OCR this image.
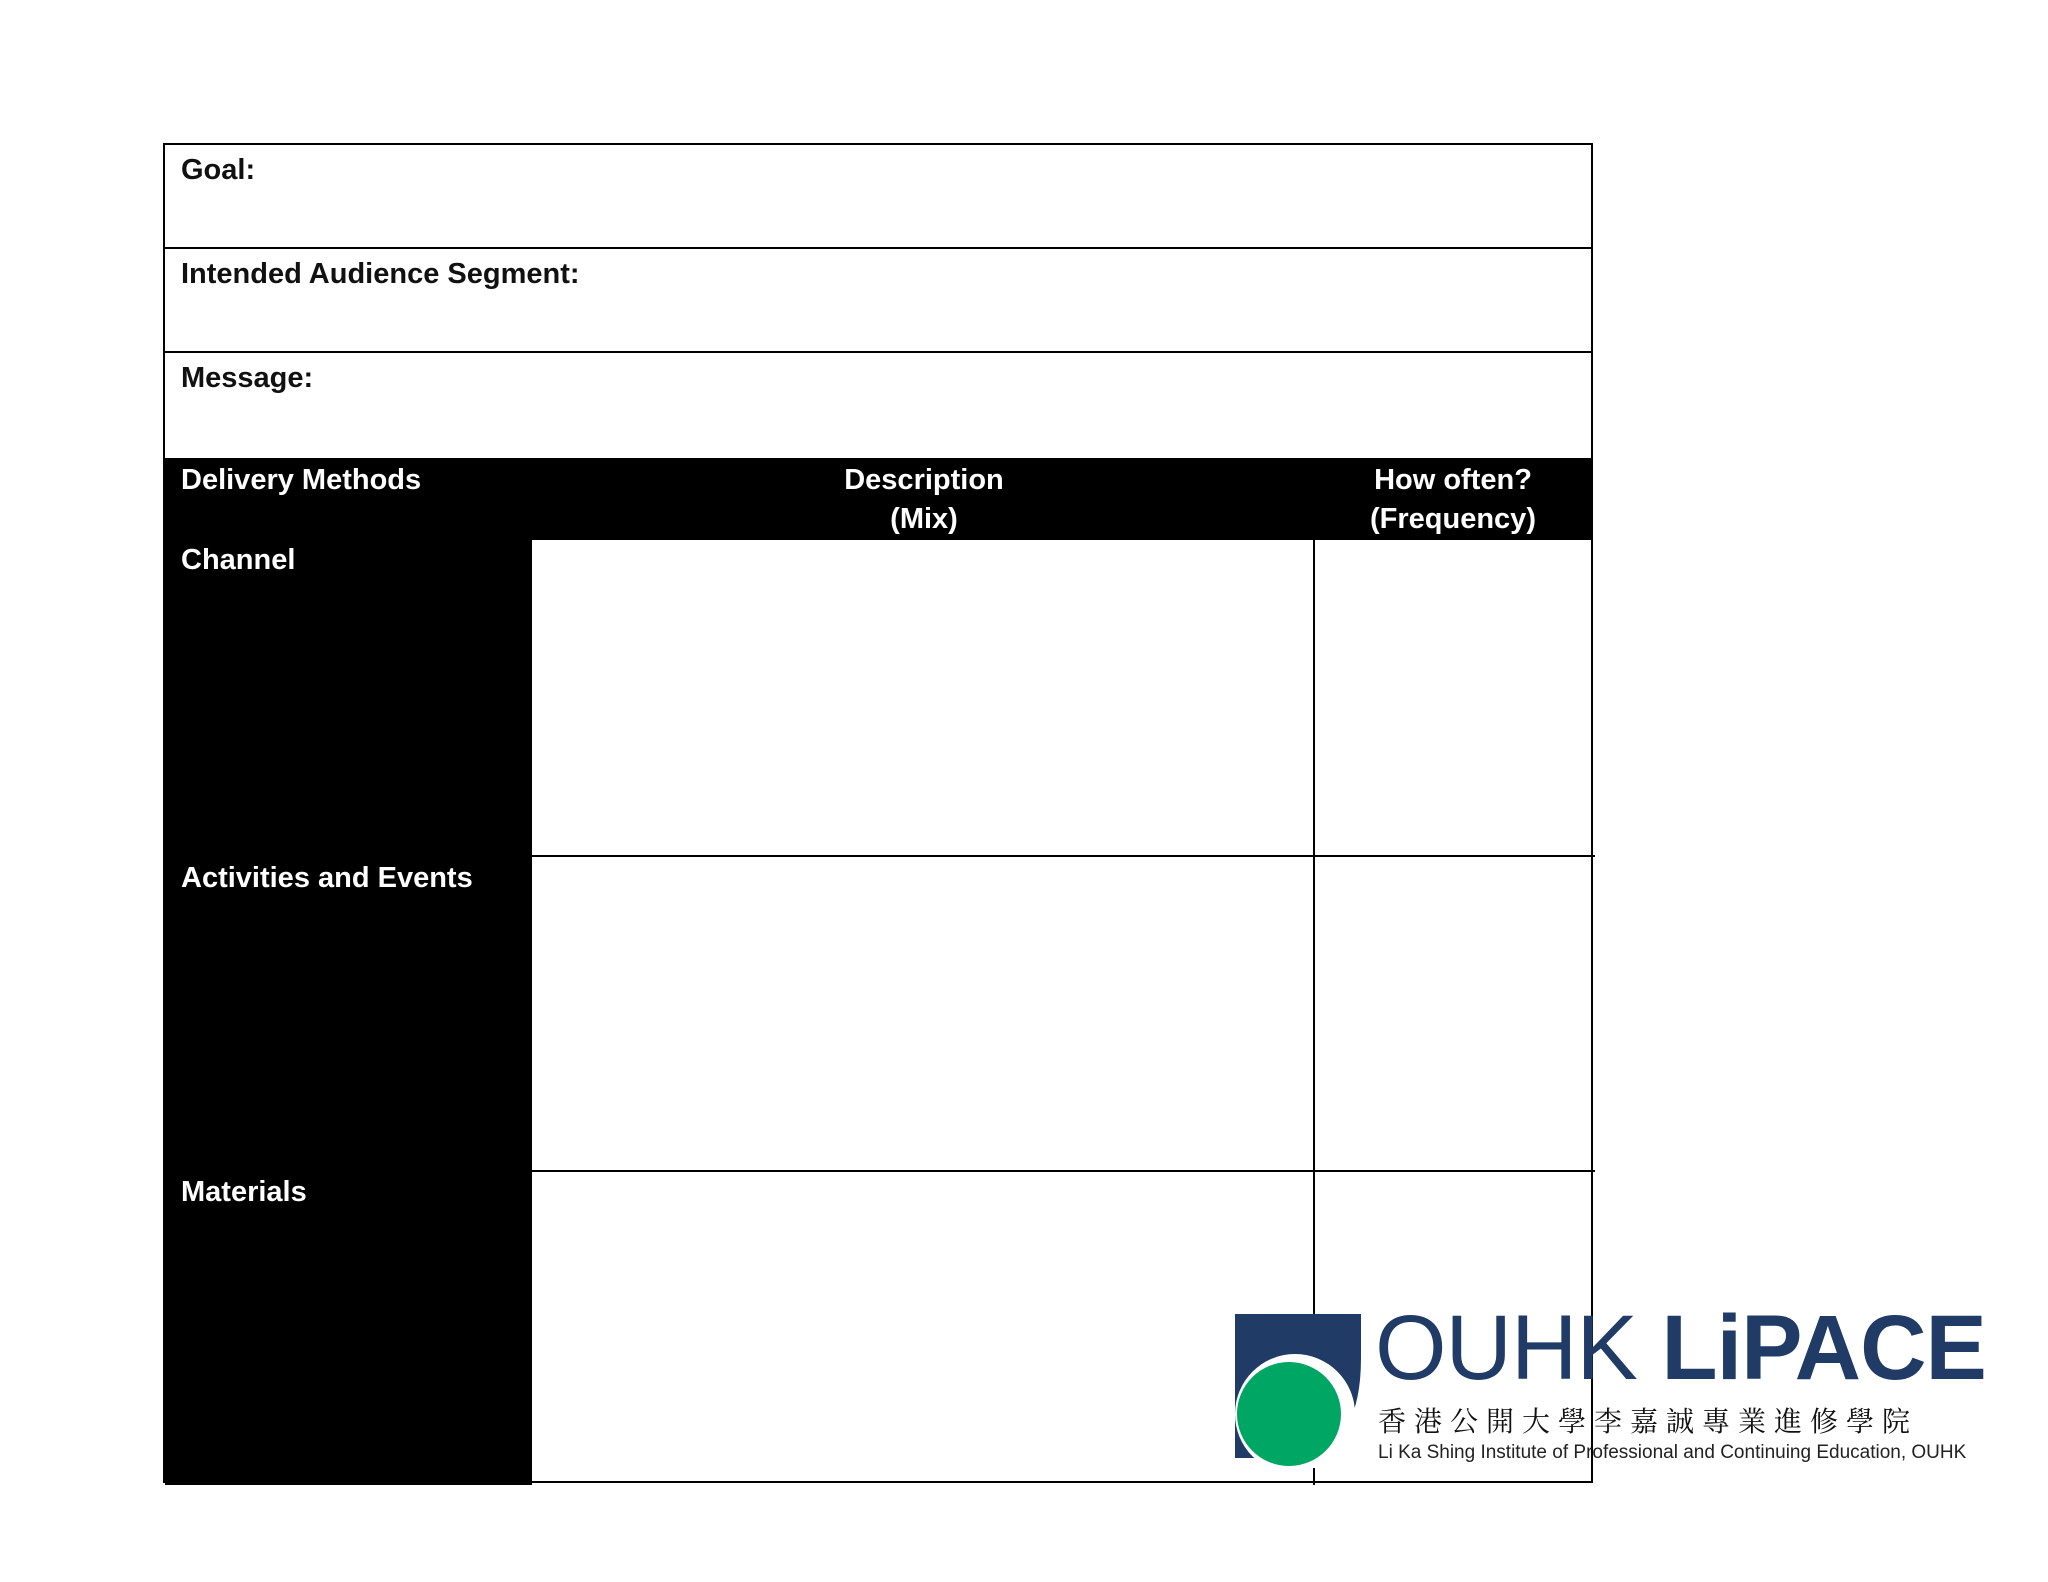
Goal:
Intended Audience Segment:
Message:
Delivery Methods	Description
(Mix)
How often?
(Frequency)
Channel
Activities and Events
Materials
OUHK LiPACE
香港公開大學李嘉誠專業進修學院
Li Ka Shing Institute of Professional and Continuing Education, OUHK
